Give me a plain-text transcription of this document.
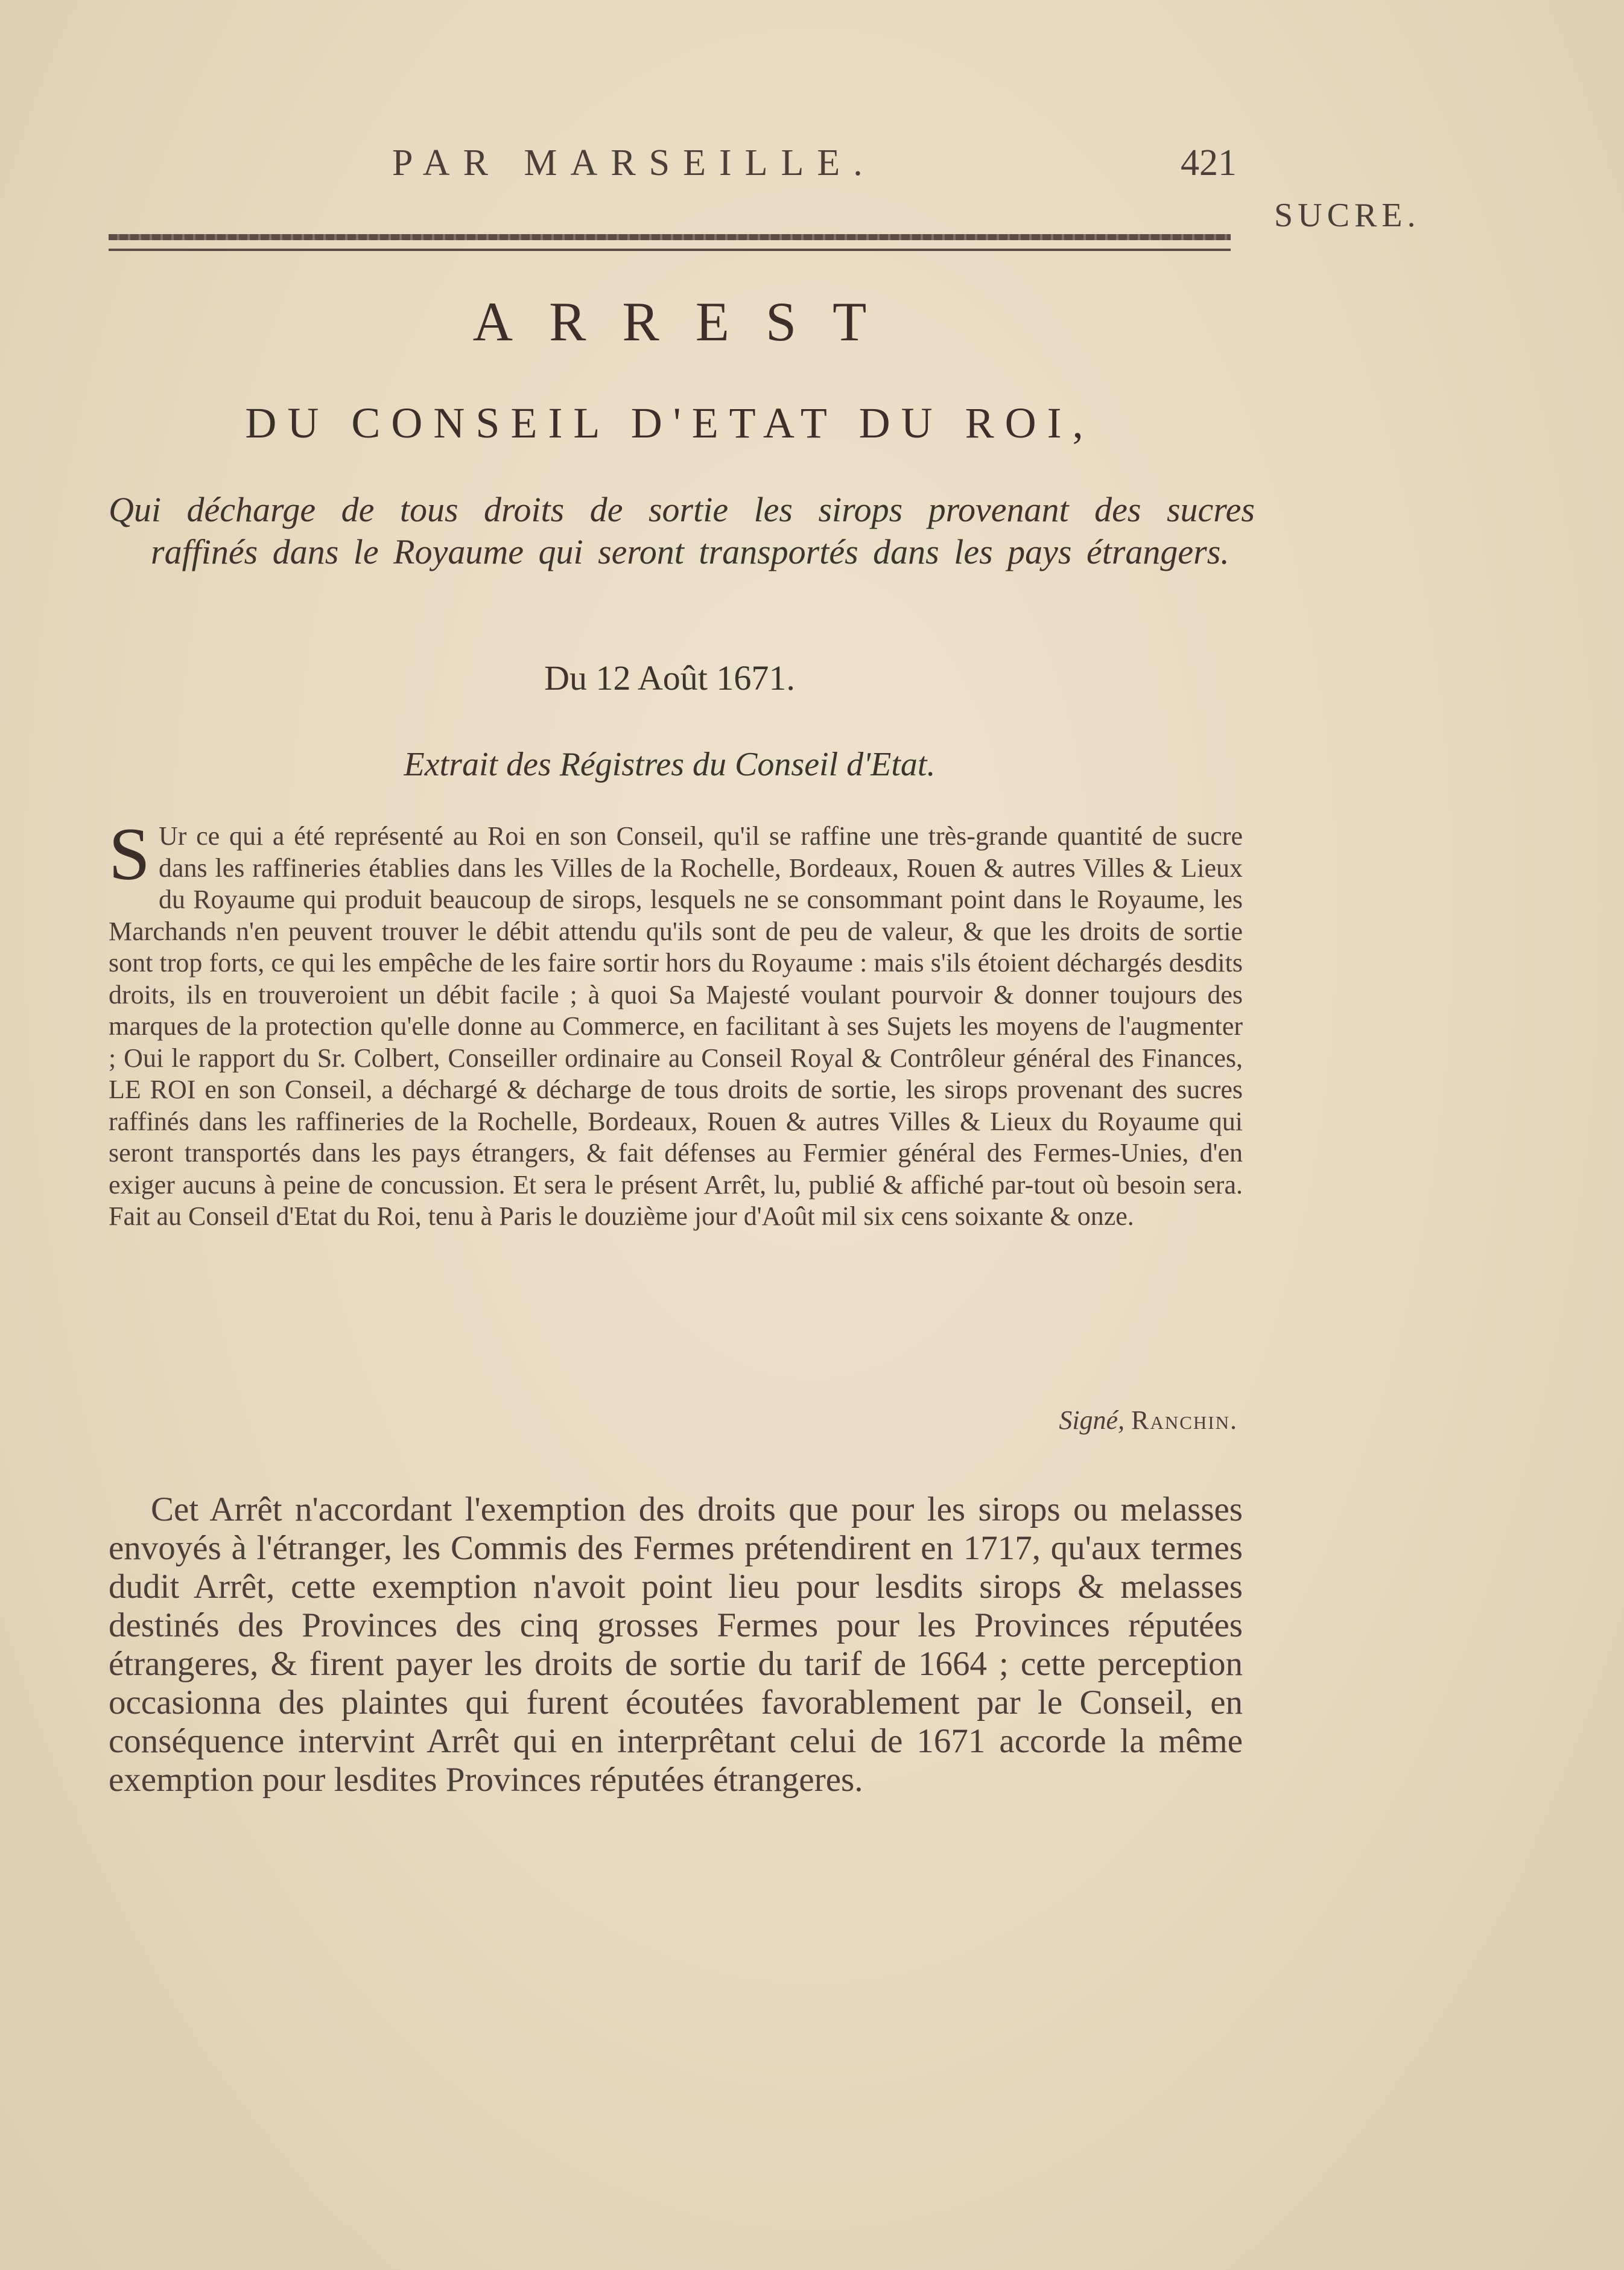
PAR MARSEILLE.	421
SUCRE.
ARREST
DU CONSEIL D'ETAT DU ROI,
Qui décharge de tous droits de sortie les sirops provenant des sucres raffinés dans le Royaume qui seront transportés dans les pays étrangers.
Du 12 Août 1671.
Extrait des Régistres du Conseil d'Etat.
S Ur ce qui a été représenté au Roi en son Conseil, qu'il se raffine une très-grande quantité de sucre dans les raffineries établies dans les Villes de la Rochelle, Bordeaux, Rouen & autres Villes & Lieux du Royaume qui produit beaucoup de sirops, lesquels ne se consommant point dans le Royaume, les Marchands n'en peuvent trouver le débit attendu qu'ils sont de peu de valeur, & que les droits de sortie sont trop forts, ce qui les empêche de les faire sortir hors du Royaume : mais s'ils étoient déchargés desdits droits, ils en trouveroient un débit facile ; à quoi Sa Majesté voulant pourvoir & donner toujours des marques de la protection qu'elle donne au Commerce, en facilitant à ses Sujets les moyens de l'augmenter ; Oui le rapport du Sr. Colbert, Conseiller ordinaire au Conseil Royal & Contrôleur général des Finances, LE ROI en son Conseil, a déchargé & décharge de tous droits de sortie, les sirops provenant des sucres raffinés dans les raffineries de la Rochelle, Bordeaux, Rouen & autres Villes & Lieux du Royaume qui seront transportés dans les pays étrangers, & fait défenses au Fermier général des Fermes-Unies, d'en exiger aucuns à peine de concussion. Et sera le présent Arrêt, lu, publié & affiché par-tout où besoin sera. Fait au Conseil d'Etat du Roi, tenu à Paris le douzième jour d'Août mil six cens soixante & onze.
Signé, Ranchin.
Cet Arrêt n'accordant l'exemption des droits que pour les sirops ou melasses envoyés à l'étranger, les Commis des Fermes prétendirent en 1717, qu'aux termes dudit Arrêt, cette exemption n'avoit point lieu pour lesdits sirops & melasses destinés des Provinces des cinq grosses Fermes pour les Provinces réputées étrangeres, & firent payer les droits de sortie du tarif de 1664 ; cette perception occasionna des plaintes qui furent écoutées favorablement par le Conseil, en conséquence intervint Arrêt qui en interprêtant celui de 1671 accorde la même exemption pour lesdites Provinces réputées étrangeres.
